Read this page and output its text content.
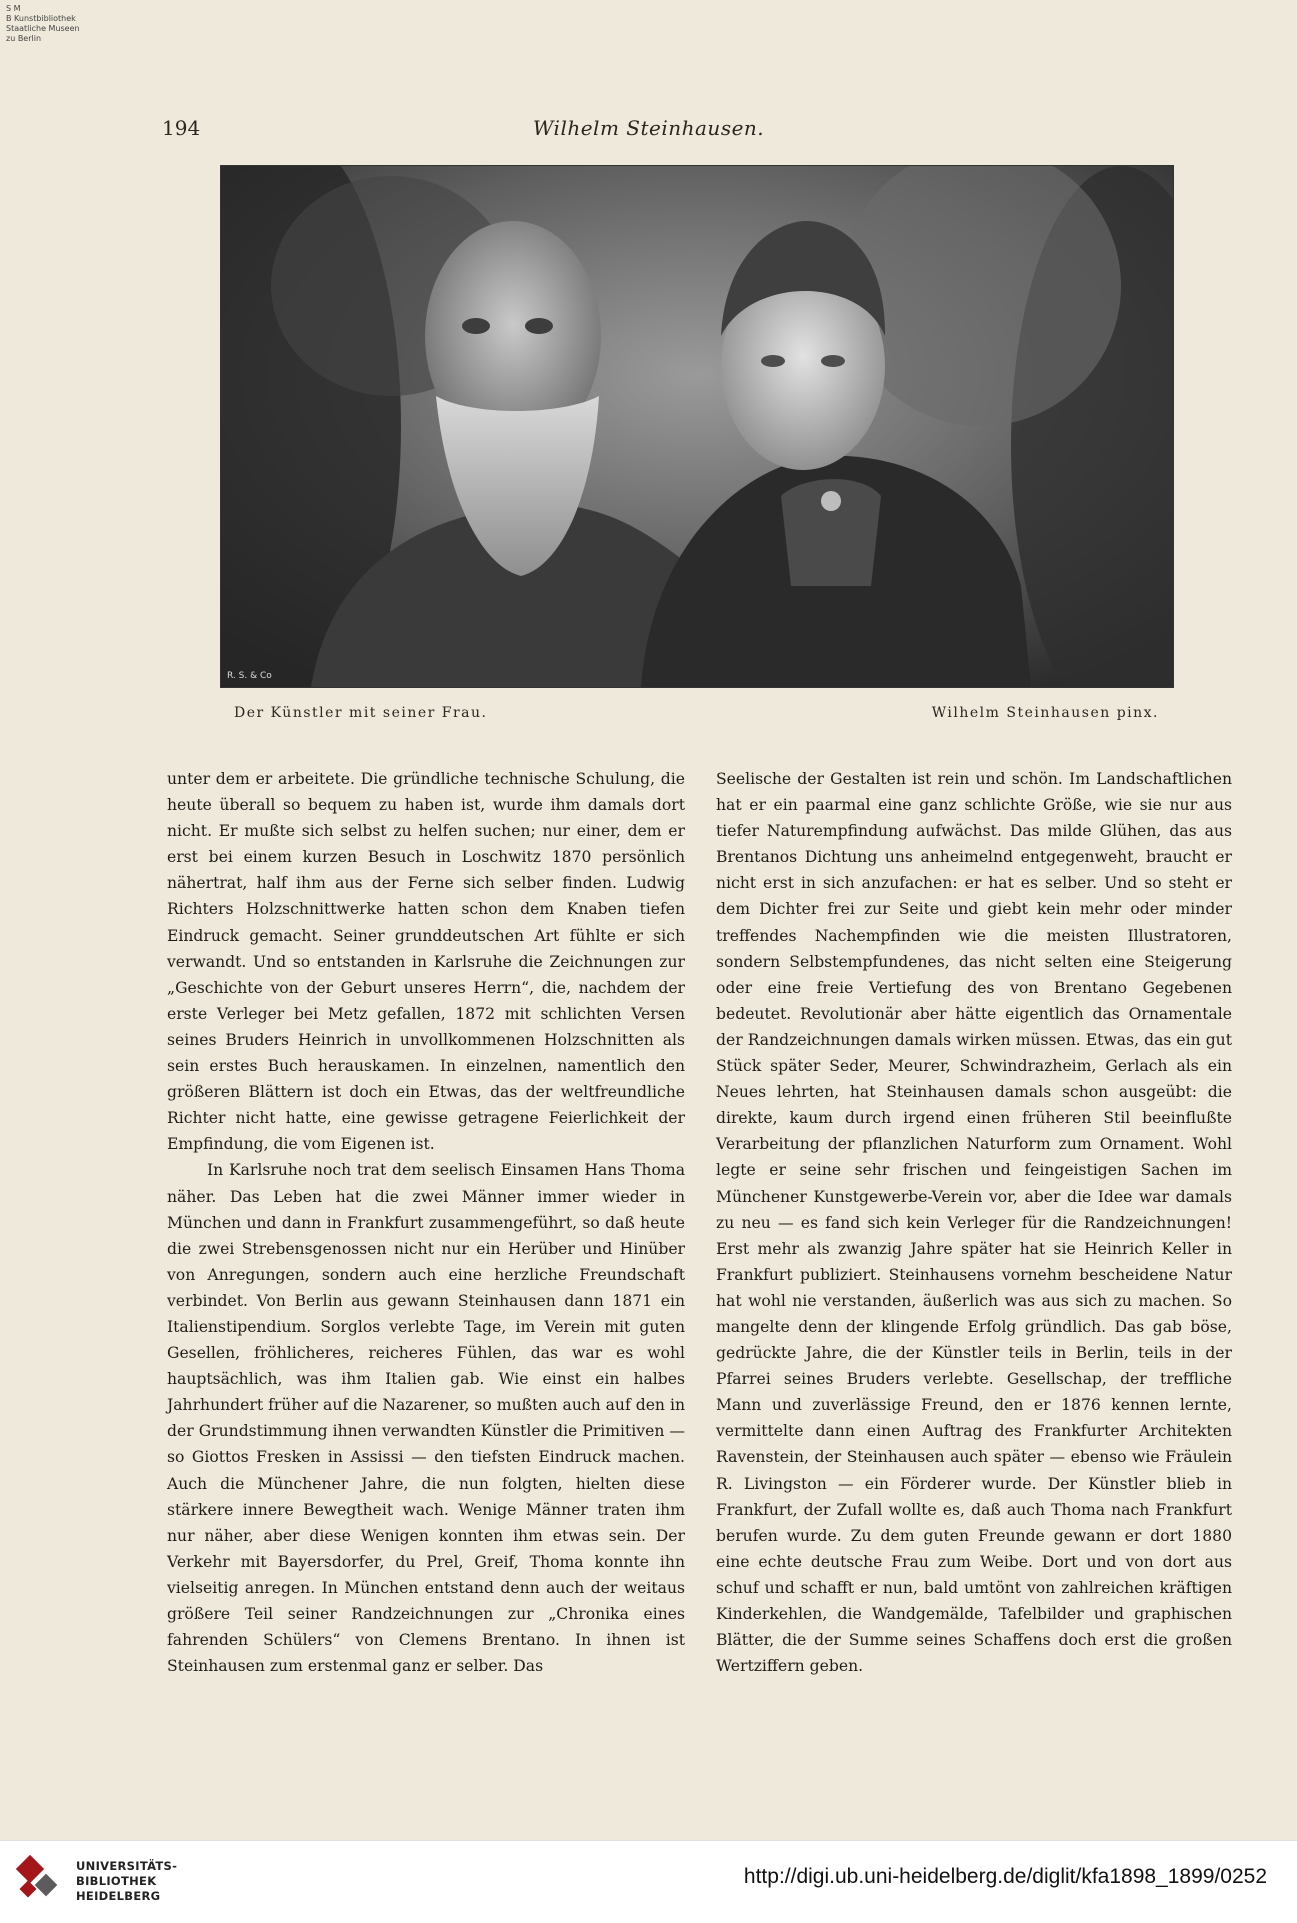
S M
B Kunstbibliothek
Staatliche Museen
zu Berlin
Wilhelm Steinhausen.
194
R. S. & Co
Der Künstler mit seiner Frau.	Wilhelm Steinhausen pinx.

unter dem er arbeitete. Die gründliche technische Schulung, die heute überall so bequem zu haben ist, wurde ihm damals dort nicht. Er mußte sich selbst zu helfen suchen; nur einer, dem er erst bei einem kurzen Besuch in Loschwitz 1870 persönlich nähertrat, half ihm aus der Ferne sich selber finden. Ludwig Richters Holzschnittwerke hatten schon dem Knaben tiefen Eindruck gemacht. Seiner grunddeutschen Art fühlte er sich verwandt. Und so entstanden in Karlsruhe die Zeichnungen zur „Geschichte von der Geburt unseres Herrn“, die, nachdem der erste Verleger bei Metz gefallen, 1872 mit schlichten Versen seines Bruders Heinrich in unvollkommenen Holzschnitten als sein erstes Buch herauskamen. In einzelnen, namentlich den größeren Blättern ist doch ein Etwas, das der weltfreundliche Richter nicht hatte, eine gewisse getragene Feierlichkeit der Empfindung, die vom Eigenen ist.

In Karlsruhe noch trat dem seelisch Einsamen Hans Thoma näher. Das Leben hat die zwei Männer immer wieder in München und dann in Frankfurt zusammengeführt, so daß heute die zwei Strebensgenossen nicht nur ein Herüber und Hinüber von Anregungen, sondern auch eine herzliche Freundschaft verbindet. Von Berlin aus gewann Steinhausen dann 1871 ein Italienstipendium. Sorglos verlebte Tage, im Verein mit guten Gesellen, fröhlicheres, reicheres Fühlen, das war es wohl hauptsächlich, was ihm Italien gab. Wie einst ein halbes Jahrhundert früher auf die Nazarener, so mußten auch auf den in der Grundstimmung ihnen verwandten Künstler die Primitiven — so Giottos Fresken in Assissi — den tiefsten Eindruck machen. Auch die Münchener Jahre, die nun folgten, hielten diese stärkere innere Bewegtheit wach. Wenige Männer traten ihm nur näher, aber diese Wenigen konnten ihm etwas sein. Der Verkehr mit Bayersdorfer, du Prel, Greif, Thoma konnte ihn vielseitig anregen. In München entstand denn auch der weitaus größere Teil seiner Randzeichnungen zur „Chronika eines fahrenden Schülers“ von Clemens Brentano. In ihnen ist Steinhausen zum erstenmal ganz er selber. Das

Seelische der Gestalten ist rein und schön. Im Landschaftlichen hat er ein paarmal eine ganz schlichte Größe, wie sie nur aus tiefer Naturempfindung aufwächst. Das milde Glühen, das aus Brentanos Dichtung uns anheimelnd entgegenweht, braucht er nicht erst in sich anzufachen: er hat es selber. Und so steht er dem Dichter frei zur Seite und giebt kein mehr oder minder treffendes Nachempfinden wie die meisten Illustratoren, sondern Selbstempfundenes, das nicht selten eine Steigerung oder eine freie Vertiefung des von Brentano Gegebenen bedeutet. Revolutionär aber hätte eigentlich das Ornamentale der Randzeichnungen damals wirken müssen. Etwas, das ein gut Stück später Seder, Meurer, Schwindrazheim, Gerlach als ein Neues lehrten, hat Steinhausen damals schon ausgeübt: die direkte, kaum durch irgend einen früheren Stil beeinflußte Verarbeitung der pflanzlichen Naturform zum Ornament. Wohl legte er seine sehr frischen und feingeistigen Sachen im Münchener Kunstgewerbe-Verein vor, aber die Idee war damals zu neu — es fand sich kein Verleger für die Randzeichnungen! Erst mehr als zwanzig Jahre später hat sie Heinrich Keller in Frankfurt publiziert. Steinhausens vornehm bescheidene Natur hat wohl nie verstanden, äußerlich was aus sich zu machen. So mangelte denn der klingende Erfolg gründlich. Das gab böse, gedrückte Jahre, die der Künstler teils in Berlin, teils in der Pfarrei seines Bruders verlebte. Gesellschap, der treffliche Mann und zuverlässige Freund, den er 1876 kennen lernte, vermittelte dann einen Auftrag des Frankfurter Architekten Ravenstein, der Steinhausen auch später — ebenso wie Fräulein R. Livingston — ein Förderer wurde. Der Künstler blieb in Frankfurt, der Zufall wollte es, daß auch Thoma nach Frankfurt berufen wurde. Zu dem guten Freunde gewann er dort 1880 eine echte deutsche Frau zum Weibe. Dort und von dort aus schuf und schafft er nun, bald umtönt von zahlreichen kräftigen Kinderkehlen, die Wandgemälde, Tafelbilder und graphischen Blätter, die der Summe seines Schaffens doch erst die großen Wertziffern geben.

UNIVERSITÄTS-
BIBLIOTHEK
HEIDELBERG
http://digi.ub.uni-heidelberg.de/diglit/kfa1898_1899/0252
